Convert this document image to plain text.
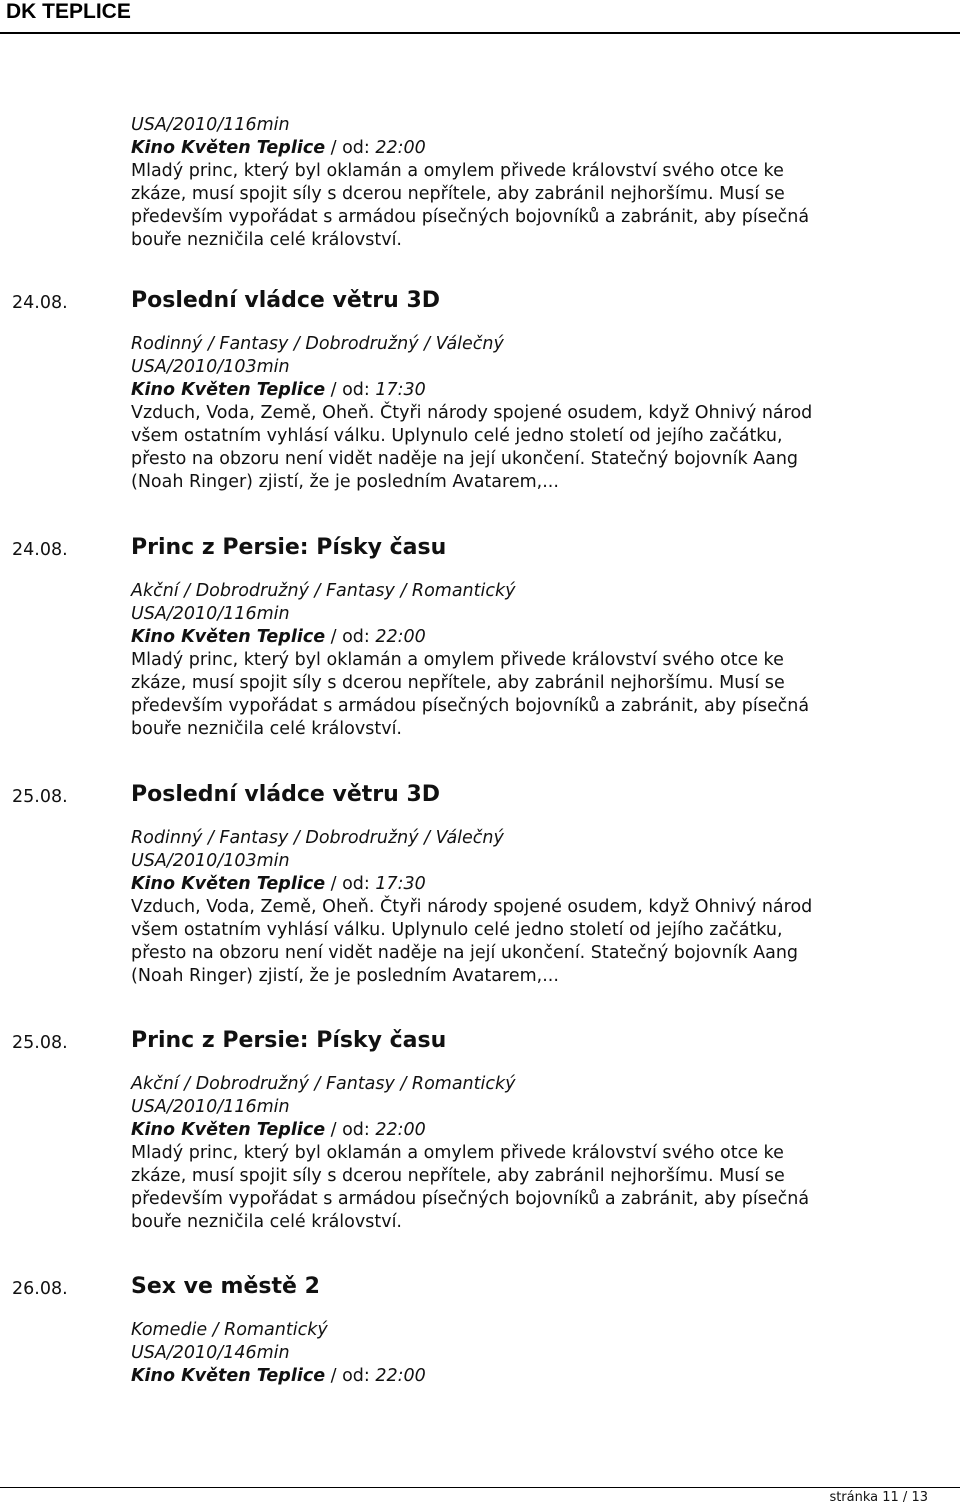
DK TEPLICE
USA/2010/116min
Kino Květen Teplice / od: 22:00
Mladý princ, který byl oklamán a omylem přivede království svého otce ke
zkáze, musí spojit síly s dcerou nepřítele, aby zabránil nejhoršímu. Musí se
především vypořádat s armádou písečných bojovníků a zabránit, aby písečná
bouře nezničila celé království.
24.08.	Poslední vládce větru 3D
Rodinný / Fantasy / Dobrodružný / Válečný
USA/2010/103min
Kino Květen Teplice / od: 17:30
Vzduch, Voda, Země, Oheň. Čtyři národy spojené osudem, když Ohnivý národ
všem ostatním vyhlásí válku. Uplynulo celé jedno století od jejího začátku,
přesto na obzoru není vidět naděje na její ukončení. Statečný bojovník Aang
(Noah Ringer) zjistí, že je posledním Avatarem,...
24.08.	Princ z Persie: Písky času
Akční / Dobrodružný / Fantasy / Romantický
USA/2010/116min
Kino Květen Teplice / od: 22:00
Mladý princ, který byl oklamán a omylem přivede království svého otce ke
zkáze, musí spojit síly s dcerou nepřítele, aby zabránil nejhoršímu. Musí se
především vypořádat s armádou písečných bojovníků a zabránit, aby písečná
bouře nezničila celé království.
25.08.	Poslední vládce větru 3D
Rodinný / Fantasy / Dobrodružný / Válečný
USA/2010/103min
Kino Květen Teplice / od: 17:30
Vzduch, Voda, Země, Oheň. Čtyři národy spojené osudem, když Ohnivý národ
všem ostatním vyhlásí válku. Uplynulo celé jedno století od jejího začátku,
přesto na obzoru není vidět naděje na její ukončení. Statečný bojovník Aang
(Noah Ringer) zjistí, že je posledním Avatarem,...
25.08.	Princ z Persie: Písky času
Akční / Dobrodružný / Fantasy / Romantický
USA/2010/116min
Kino Květen Teplice / od: 22:00
Mladý princ, který byl oklamán a omylem přivede království svého otce ke
zkáze, musí spojit síly s dcerou nepřítele, aby zabránil nejhoršímu. Musí se
především vypořádat s armádou písečných bojovníků a zabránit, aby písečná
bouře nezničila celé království.
26.08.	Sex ve městě 2
Komedie / Romantický
USA/2010/146min
Kino Květen Teplice / od: 22:00
stránka 11 / 13
